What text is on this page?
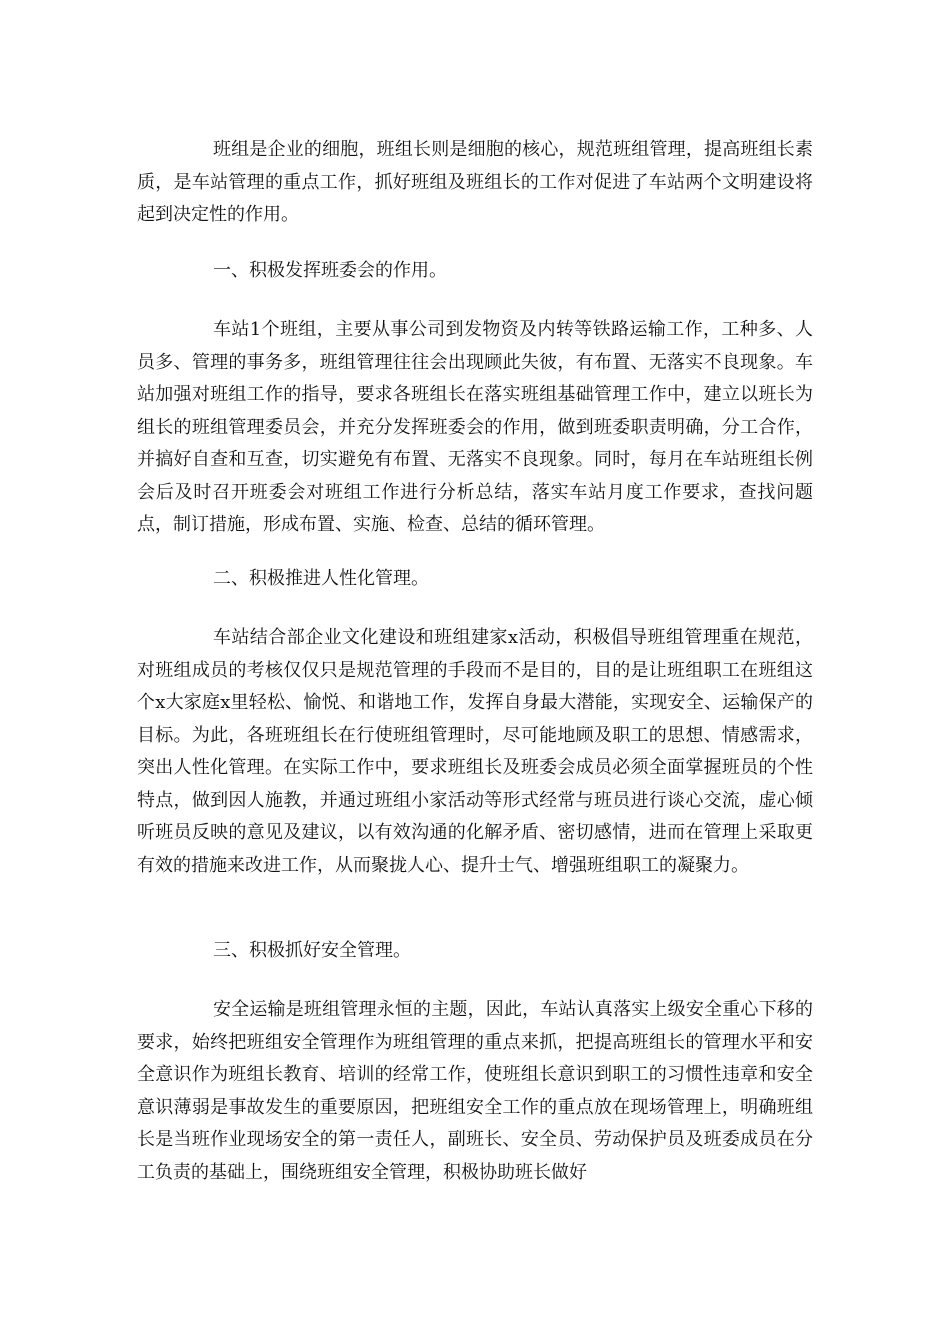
班组是企业的细胞，班组长则是细胞的核心，规范班组管理，提高班组长素质，是车站管理的重点工作，抓好班组及班组长的工作对促进了车站两个文明建设将起到决定性的作用。

一、积极发挥班委会的作用。

车站1个班组，主要从事公司到发物资及内转等铁路运输工作，工种多、人员多、管理的事务多，班组管理往往会出现顾此失彼，有布置、无落实不良现象。车站加强对班组工作的指导，要求各班组长在落实班组基础管理工作中，建立以班长为组长的班组管理委员会，并充分发挥班委会的作用，做到班委职责明确，分工合作，并搞好自查和互查，切实避免有布置、无落实不良现象。同时，每月在车站班组长例会后及时召开班委会对班组工作进行分析总结，落实车站月度工作要求，查找问题点，制订措施，形成布置、实施、检查、总结的循环管理。

二、积极推进人性化管理。

车站结合部企业文化建设和班组建家x活动，积极倡导班组管理重在规范，对班组成员的考核仅仅只是规范管理的手段而不是目的，目的是让班组职工在班组这个x大家庭x里轻松、愉悦、和谐地工作，发挥自身最大潜能，实现安全、运输保产的目标。为此，各班班组长在行使班组管理时，尽可能地顾及职工的思想、情感需求，突出人性化管理。在实际工作中，要求班组长及班委会成员必须全面掌握班员的个性特点，做到因人施教，并通过班组小家活动等形式经常与班员进行谈心交流，虚心倾听班员反映的意见及建议，以有效沟通的化解矛盾、密切感情，进而在管理上采取更有效的措施来改进工作，从而聚拢人心、提升士气、增强班组职工的凝聚力。

三、积极抓好安全管理。

安全运输是班组管理永恒的主题，因此，车站认真落实上级安全重心下移的要求，始终把班组安全管理作为班组管理的重点来抓，把提高班组长的管理水平和安全意识作为班组长教育、培训的经常工作，使班组长意识到职工的习惯性违章和安全意识薄弱是事故发生的重要原因，把班组安全工作的重点放在现场管理上，明确班组长是当班作业现场安全的第一责任人，副班长、安全员、劳动保护员及班委成员在分工负责的基础上，围绕班组安全管理，积极协助班长做好
